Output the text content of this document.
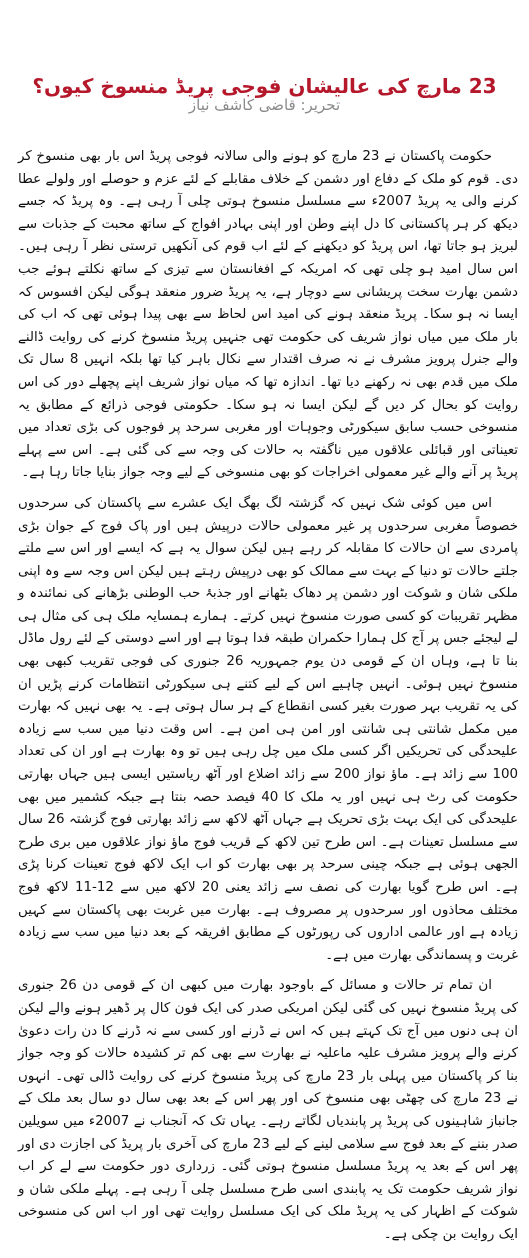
23 مارچ کی عالیشان فوجی پریڈ منسوخ کیوں؟
تحریر: قاضی کاشف نیاز

حکومت پاکستان نے 23 مارچ کو ہونے والی سالانہ فوجی پریڈ اس بار بھی منسوخ کر دی۔ قوم کو ملک کے دفاع اور دشمن کے خلاف مقابلے کے لئے عزم و حوصلے اور ولولے عطا کرنے والی یہ پریڈ 2007ء سے مسلسل منسوخ ہوتی چلی آ رہی ہے۔ وہ پریڈ کہ جسے دیکھ کر ہر پاکستانی کا دل اپنے وطن اور اپنی بہادر افواج کے ساتھ محبت کے جذبات سے لبریز ہو جاتا تھا، اس پریڈ کو دیکھنے کے لئے اب قوم کی آنکھیں ترستی نظر آ رہی ہیں۔ اس سال امید ہو چلی تھی کہ امریکہ کے افغانستان سے تیزی کے ساتھ نکلتے ہوئے جب دشمن بھارت سخت پریشانی سے دوچار ہے، یہ پریڈ ضرور منعقد ہوگی لیکن افسوس کہ ایسا نہ ہو سکا۔ پریڈ منعقد ہونے کی امید اس لحاظ سے بھی پیدا ہوئی تھی کہ اب کی بار ملک میں میاں نواز شریف کی حکومت تھی جنہیں پریڈ منسوخ کرنے کی روایت ڈالنے والے جنرل پرویز مشرف نے نہ صرف اقتدار سے نکال باہر کیا تھا بلکہ انہیں 8 سال تک ملک میں قدم بھی نہ رکھنے دیا تھا۔ اندازہ تھا کہ میاں نواز شریف اپنے پچھلے دور کی اس روایت کو بحال کر دیں گے لیکن ایسا نہ ہو سکا۔ حکومتی فوجی ذرائع کے مطابق یہ منسوخی حسب سابق سیکورٹی وجوہات اور مغربی سرحد پر فوجوں کی بڑی تعداد میں تعیناتی اور قبائلی علاقوں میں ناگفتہ بہ حالات کی وجہ سے کی گئی ہے۔ اس سے پہلے پریڈ پر آنے والے غیر معمولی اخراجات کو بھی منسوخی کے لیے وجہ جواز بنایا جاتا رہا ہے۔

اس میں کوئی شک نہیں کہ گزشتہ لگ بھگ ایک عشرے سے پاکستان کی سرحدوں خصوصاً مغربی سرحدوں پر غیر معمولی حالات درپیش ہیں اور پاک فوج کے جوان بڑی پامردی سے ان حالات کا مقابلہ کر رہے ہیں لیکن سوال یہ ہے کہ ایسے اور اس سے ملتے جلتے حالات تو دنیا کے بہت سے ممالک کو بھی درپیش رہتے ہیں لیکن اس وجہ سے وہ اپنی ملکی شان و شوکت اور دشمن پر دھاک بٹھانے اور جذبۂ حب الوطنی بڑھانے کی نمائندہ و مظہر تقریبات کو کسی صورت منسوخ نہیں کرتے۔ ہمارے ہمسایہ ملک ہی کی مثال ہی لے لیجئے جس پر آج کل ہمارا حکمران طبقہ فدا ہوتا ہے اور اسے دوستی کے لئے رول ماڈل بنا تا ہے، وہاں ان کے قومی دن یوم جمہوریہ 26 جنوری کی فوجی تقریب کبھی بھی منسوخ نہیں ہوئی۔ انہیں چاہیے اس کے لیے کتنے ہی سیکورٹی انتظامات کرنے پڑیں ان کی یہ تقریب بہر صورت بغیر کسی انقطاع کے ہر سال ہوتی ہے۔ یہ بھی نہیں کہ بھارت میں مکمل شانتی ہی شانتی اور امن ہی امن ہے۔ اس وقت دنیا میں سب سے زیادہ علیحدگی کی تحریکیں اگر کسی ملک میں چل رہی ہیں تو وہ بھارت ہے اور ان کی تعداد 100 سے زائد ہے۔ ماؤ نواز 200 سے زائد اضلاع اور آٹھ ریاستیں ایسی ہیں جہاں بھارتی حکومت کی رٹ ہی نہیں اور یہ ملک کا 40 فیصد حصہ بنتا ہے جبکہ کشمیر میں بھی علیحدگی کی ایک بہت بڑی تحریک ہے جہاں آٹھ لاکھ سے زائد بھارتی فوج گزشتہ 26 سال سے مسلسل تعینات ہے۔ اس طرح تین لاکھ کے قریب فوج ماؤ نواز علاقوں میں بری طرح الجھی ہوئی ہے جبکہ چینی سرحد پر بھی بھارت کو اب ایک لاکھ فوج تعینات کرنا پڑی ہے۔ اس طرح گویا بھارت کی نصف سے زائد یعنی 20 لاکھ میں سے 12-11 لاکھ فوج مختلف محاذوں اور سرحدوں پر مصروف ہے۔ بھارت میں غربت بھی پاکستان سے کہیں زیادہ ہے اور عالمی اداروں کی رپورٹوں کے مطابق افریقہ کے بعد دنیا میں سب سے زیادہ غربت و پسماندگی بھارت میں ہے۔

ان تمام تر حالات و مسائل کے باوجود بھارت میں کبھی ان کے قومی دن 26 جنوری کی پریڈ منسوخ نہیں کی گئی لیکن امریکی صدر کی ایک فون کال پر ڈھیر ہونے والے لیکن ان ہی دنوں میں آج تک کہتے ہیں کہ اس نے ڈرنے اور کسی سے نہ ڈرنے کا دن رات دعویٰ کرنے والے پرویز مشرف علیہ ماعلیہ نے بھارت سے بھی کم تر کشیدہ حالات کو وجہ جواز بنا کر پاکستان میں پہلی بار 23 مارچ کی پریڈ منسوخ کرنے کی روایت ڈالی تھی۔ انہوں نے 23 مارچ کی چھٹی بھی منسوخ کی اور پھر اس کے بعد بھی سال دو سال بعد ملک کے جانباز شاہینوں کی پریڈ پر پابندیاں لگاتے رہے۔ یہاں تک کہ آنجناب نے 2007ء میں سویلین صدر بننے کے بعد فوج سے سلامی لینے کے لیے 23 مارچ کی آخری بار پریڈ کی اجازت دی اور پھر اس کے بعد یہ پریڈ مسلسل منسوخ ہوتی گئی۔ زرداری دور حکومت سے لے کر اب نواز شریف حکومت تک یہ پابندی اسی طرح مسلسل چلی آ رہی ہے۔ پہلے ملکی شان و شوکت کے اظہار کی یہ پریڈ ملک کی ایک مسلسل روایت تھی اور اب اس کی منسوخی ایک روایت بن چکی ہے۔
